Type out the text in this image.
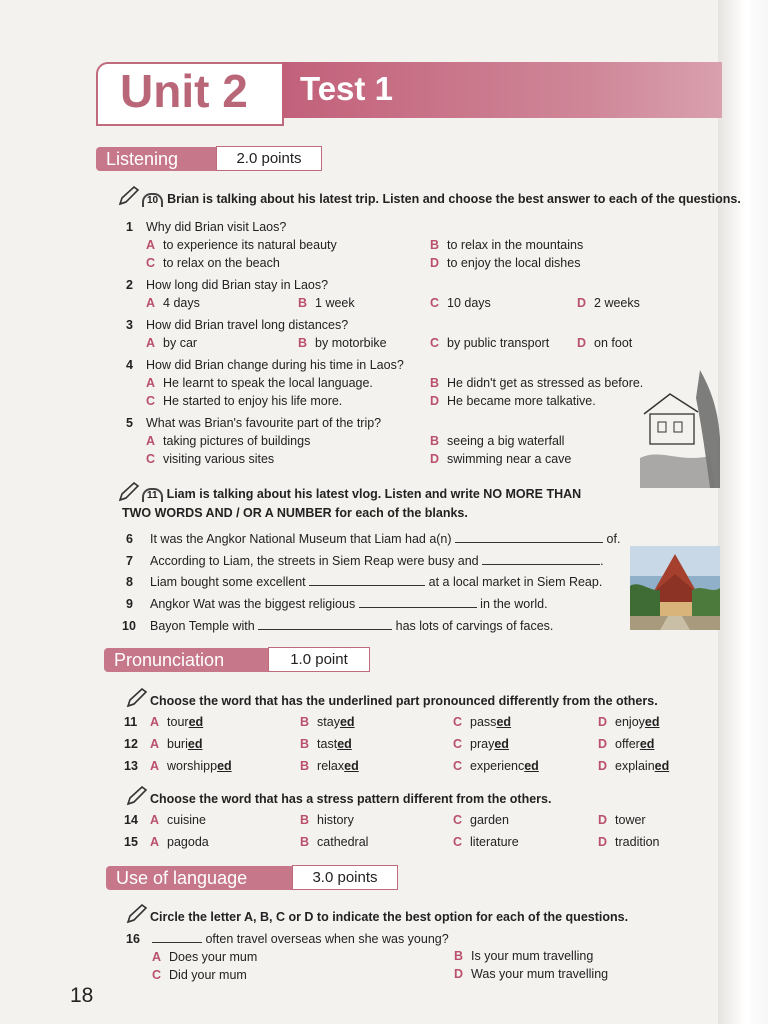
Unit 2 Test 1
Listening	2.0 points
10 Brian is talking about his latest trip. Listen and choose the best answer to each of the questions.
1 Why did Brian visit Laos?
A to experience its natural beauty	B to relax in the mountains
C to relax on the beach	D to enjoy the local dishes
2 How long did Brian stay in Laos?
A 4 days	B 1 week	C 10 days	D 2 weeks
3 How did Brian travel long distances?
A by car	B by motorbike	C by public transport D on foot
4 How did Brian change during his time in Laos?
A He learnt to speak the local language.	B He didn't get as stressed as before.
C He started to enjoy his life more.	D He became more talkative.
5 What was Brian's favourite part of the trip?
A taking pictures of buildings	B seeing a big waterfall
C visiting various sites	D swimming near a cave
11 Liam is talking about his latest vlog. Listen and write NO MORE THAN
TWO WORDS AND / OR A NUMBER for each of the blanks.
6 It was the Angkor National Museum that Liam had a(n)	of.
7 According to Liam, the streets in Siem Reap were busy and	.
8 Liam bought some excellent	at a local market in Siem Reap.
9 Angkor Wat was the biggest religious	in the world.
10 Bayon Temple with	has lots of carvings of faces.
Pronunciation	1.0 point
Choose the word that has the underlined part pronounced differently from the others.
11 A toured	B stayed	C passed	D enjoyed
12 A buried	B tasted	C prayed	D offered
13 A worshipped	B relaxed	C experienced	D explained
Choose the word that has a stress pattern different from the others.
14 A cuisine	B history	C garden	D tower
15 A pagoda	B cathedral	C literature	D tradition
Use of language	3.0 points
Circle the letter A, B, C or D to indicate the best option for each of the questions.
16	often travel overseas when she was young?
A Does your mum	B Is your mum travelling
C Did your mum	D Was your mum travelling
18
